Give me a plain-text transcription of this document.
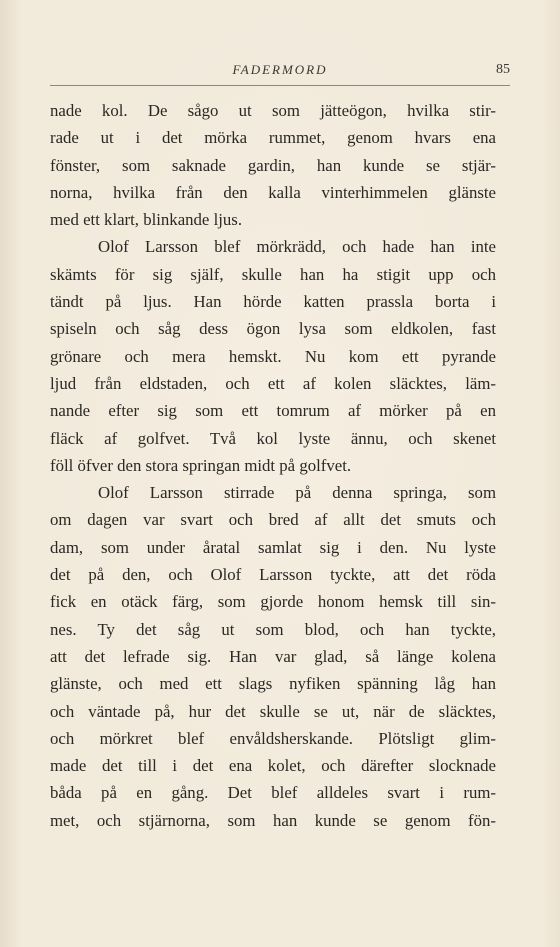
FADERMORD	85
nade kol. De sågo ut som jätteögon, hvilka stir-
rade ut i det mörka rummet, genom hvars ena
fönster, som saknade gardin, han kunde se stjär-
norna, hvilka från den kalla vinterhimmelen glänste
med ett klart, blinkande ljus.
Olof Larsson blef mörkrädd, och hade han inte
skämts för sig själf, skulle han ha stigit upp och
tändt på ljus. Han hörde katten prassla borta i
spiseln och såg dess ögon lysa som eldkolen, fast
grönare och mera hemskt. Nu kom ett pyrande
ljud från eldstaden, och ett af kolen släcktes, läm-
nande efter sig som ett tomrum af mörker på en
fläck af golfvet. Två kol lyste ännu, och skenet
föll öfver den stora springan midt på golfvet.
Olof Larsson stirrade på denna springa, som
om dagen var svart och bred af allt det smuts och
dam, som under åratal samlat sig i den. Nu lyste
det på den, och Olof Larsson tyckte, att det röda
fick en otäck färg, som gjorde honom hemsk till sin-
nes. Ty det såg ut som blod, och han tyckte,
att det lefrade sig. Han var glad, så länge kolena
glänste, och med ett slags nyfiken spänning låg han
och väntade på, hur det skulle se ut, när de släcktes,
och mörkret blef envåldsherskande. Plötsligt glim-
made det till i det ena kolet, och därefter slocknade
båda på en gång. Det blef alldeles svart i rum-
met, och stjärnorna, som han kunde se genom fön-
